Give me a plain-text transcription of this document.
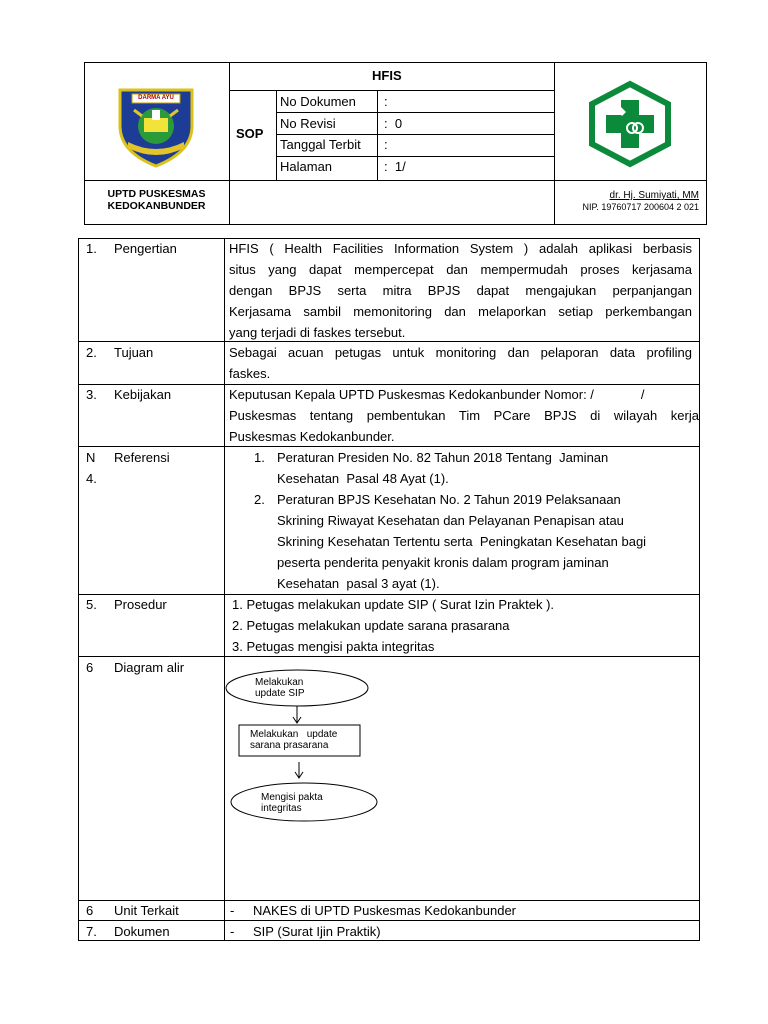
DARMA AYU
HFIS
SOP
No Dokumen :
No Revisi	:  0
Tanggal Terbit :
Halaman	:  1/
UPTD PUSKESMAS
KEDOKANBUNDER
dr. Hj. Sumiyati, MM
NIP. 19760717 200604 2 021
1. Pengertian	HFIS ( Health Facilities Information System ) adalah aplikasi berbasis
situs yang dapat mempercepat dan mempermudah proses kerjasama
dengan BPJS serta mitra BPJS dapat mengajukan perpanjangan
Kerjasama sambil memonitoring dan melaporkan setiap perkembangan
yang terjadi di faskes tersebut.
2. Tujuan	Sebagai acuan petugas untuk monitoring dan pelaporan data profiling
faskes.
3. Kebijakan	Keputusan Kepala UPTD Puskesmas Kedokanbunder Nomor: /             /
Puskesmas tentang pembentukan Tim PCare BPJS di wilayah kerja
Puskesmas Kedokanbunder.
N
4.
Referensi	1. Peraturan Presiden No. 82 Tahun 2018 Tentang  Jaminan
Kesehatan  Pasal 48 Ayat (1).
2. Peraturan BPJS Kesehatan No. 2 Tahun 2019 Pelaksanaan
Skrining Riwayat Kesehatan dan Pelayanan Penapisan atau
Skrining Kesehatan Tertentu serta  Peningkatan Kesehatan bagi
peserta penderita penyakit kronis dalam program jaminan
Kesehatan  pasal 3 ayat (1).
5. Prosedur	1. Petugas melakukan update SIP ( Surat Izin Praktek ).
2. Petugas melakukan update sarana prasarana
3. Petugas mengisi pakta integritas
6 Diagram alir
Melakukan
update SIP
Melakukan   update
sarana prasarana
Mengisi pakta
integritas
6 Unit Terkait	- NAKES di UPTD Puskesmas Kedokanbunder
7. Dokumen	- SIP (Surat Ijin Praktik)
